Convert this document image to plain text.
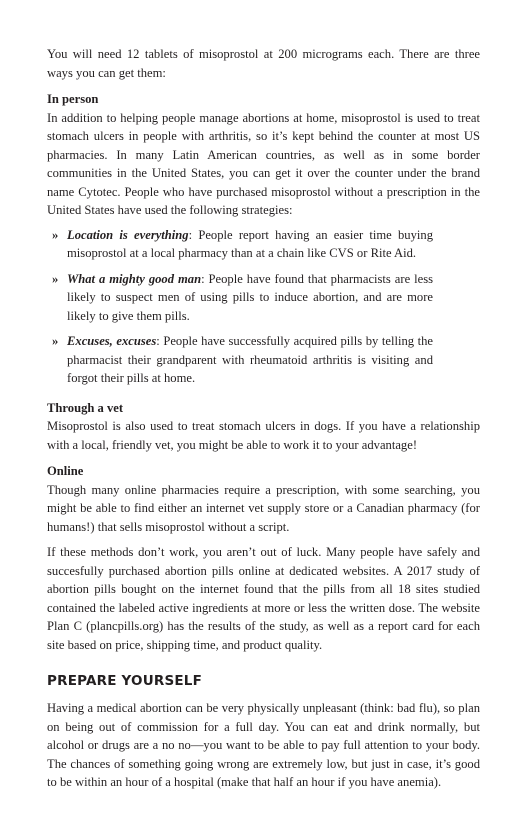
You will need 12 tablets of misoprostol at 200 micrograms each. There are three ways you can get them:

In person

In addition to helping people manage abortions at home, misoprostol is used to treat stomach ulcers in people with arthritis, so it’s kept behind the counter at most US pharmacies. In many Latin American countries, as well as in some border communities in the United States, you can get it over the counter under the brand name Cytotec. People who have purchased misoprostol without a prescription in the United States have used the following strategies:

» Location is everything: People report having an easier time buying misoprostol at a local pharmacy than at a chain like CVS or Rite Aid.
» What a mighty good man: People have found that pharmacists are less likely to suspect men of using pills to induce abortion, and are more likely to give them pills.
» Excuses, excuses: People have successfully acquired pills by telling the pharmacist their grandparent with rheumatoid arthritis is visiting and forgot their pills at home.
Through a vet

Misoprostol is also used to treat stomach ulcers in dogs. If you have a relationship with a local, friendly vet, you might be able to work it to your advantage!

Online

Though many online pharmacies require a prescription, with some searching, you might be able to find either an internet vet supply store or a Canadian pharmacy (for humans!) that sells misoprostol without a script.

If these methods don’t work, you aren’t out of luck. Many people have safely and succesfully purchased abortion pills online at dedicated websites. A 2017 study of abortion pills bought on the internet found that the pills from all 18 sites studied contained the labeled active ingredients at more or less the written dose. The website Plan C (plancpills.org) has the results of the study, as well as a report card for each site based on price, shipping time, and product quality.

PREPARE YOURSELF

Having a medical abortion can be very physically unpleasant (think: bad flu), so plan on being out of commission for a full day. You can eat and drink normally, but alcohol or drugs are a no no—you want to be able to pay full attention to your body. The chances of something going wrong are extremely low, but just in case, it’s good to be within an hour of a hospital (make that half an hour if you have anemia).
